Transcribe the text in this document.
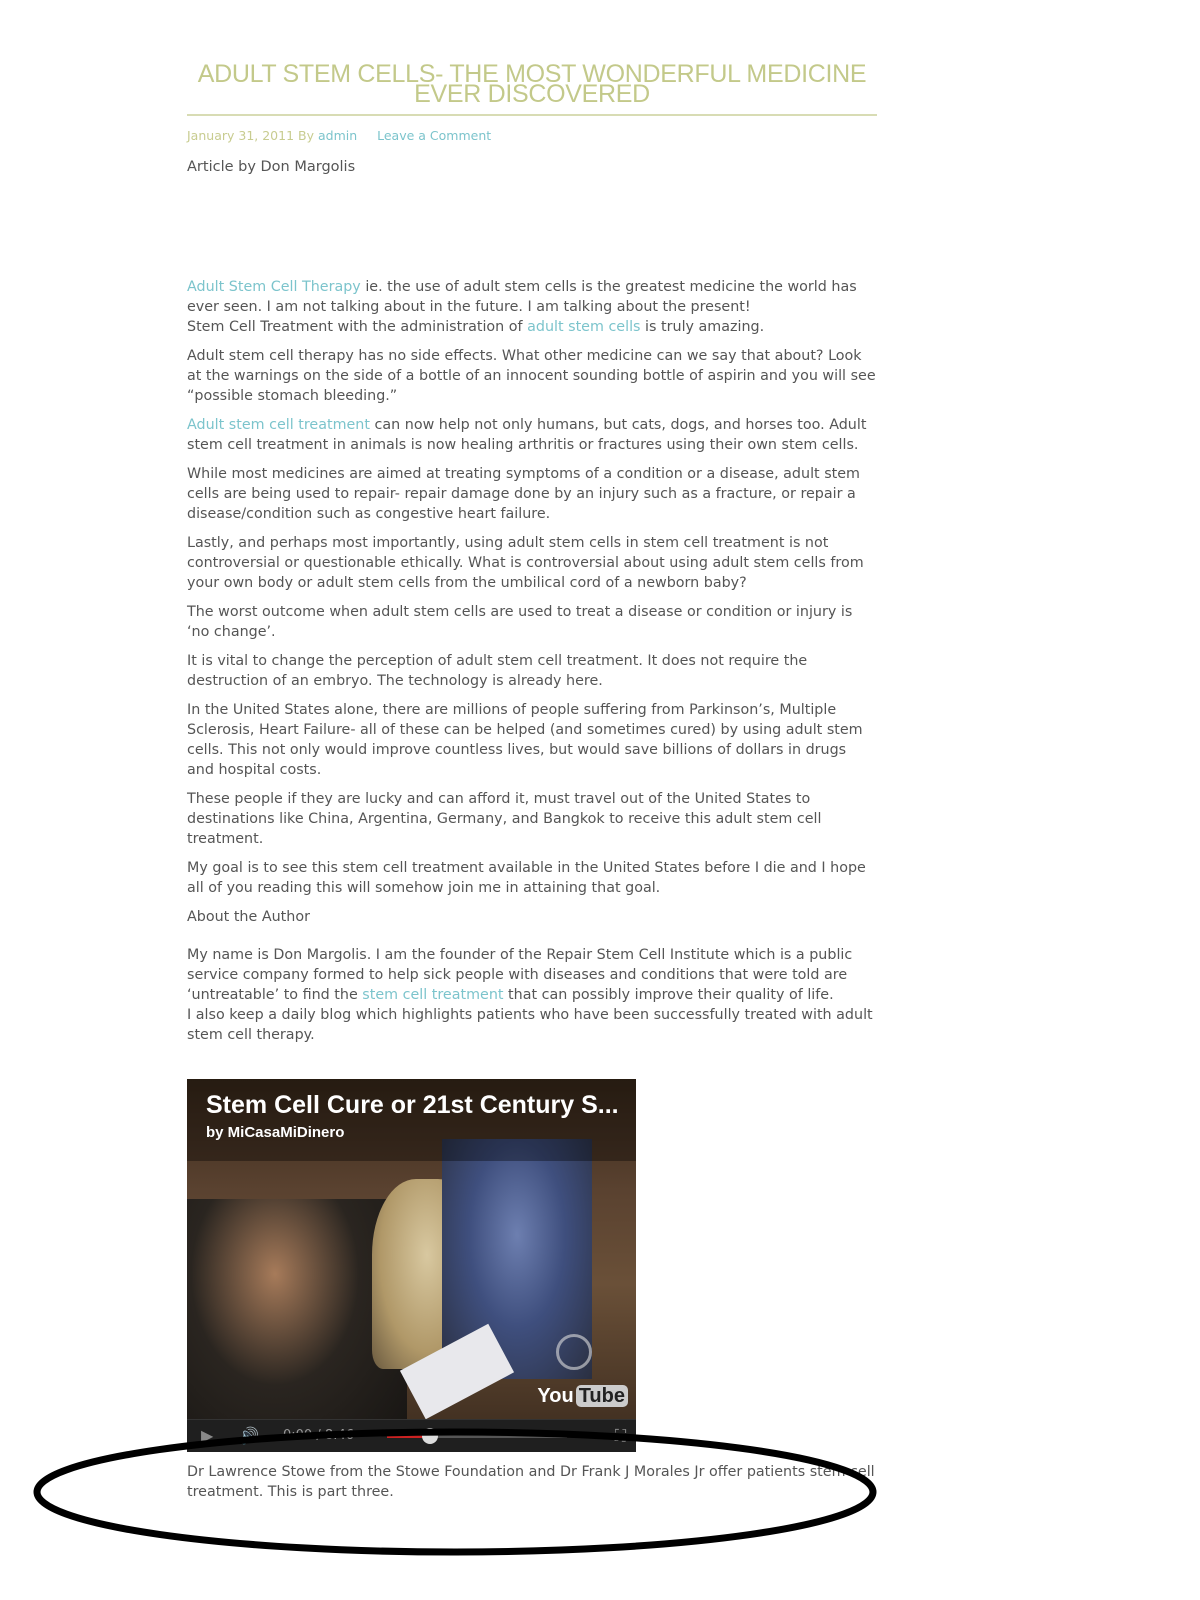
ADULT STEM CELLS- THE MOST WONDERFUL MEDICINE EVER DISCOVERED
January 31, 2011 By admin Leave a Comment
Article by Don Margolis

Adult Stem Cell Therapy ie. the use of adult stem cells is the greatest medicine the world has ever seen. I am not talking about in the future. I am talking about the present!
Stem Cell Treatment with the administration of adult stem cells is truly amazing.

Adult stem cell therapy has no side effects. What other medicine can we say that about? Look at the warnings on the side of a bottle of an innocent sounding bottle of aspirin and you will see “possible stomach bleeding.”

Adult stem cell treatment can now help not only humans, but cats, dogs, and horses too. Adult stem cell treatment in animals is now healing arthritis or fractures using their own stem cells.

While most medicines are aimed at treating symptoms of a condition or a disease, adult stem cells are being used to repair- repair damage done by an injury such as a fracture, or repair a disease/condition such as congestive heart failure.

Lastly, and perhaps most importantly, using adult stem cells in stem cell treatment is not controversial or questionable ethically. What is controversial about using adult stem cells from your own body or adult stem cells from the umbilical cord of a newborn baby?

The worst outcome when adult stem cells are used to treat a disease or condition or injury is ‘no change’.

It is vital to change the perception of adult stem cell treatment. It does not require the destruction of an embryo. The technology is already here.

In the United States alone, there are millions of people suffering from Parkinson’s, Multiple Sclerosis, Heart Failure- all of these can be helped (and sometimes cured) by using adult stem cells. This not only would improve countless lives, but would save billions of dollars in drugs and hospital costs.

These people if they are lucky and can afford it, must travel out of the United States to destinations like China, Argentina, Germany, and Bangkok to receive this adult stem cell treatment.

My goal is to see this stem cell treatment available in the United States before I die and I hope all of you reading this will somehow join me in attaining that goal.

About the Author

My name is Don Margolis. I am the founder of the Repair Stem Cell Institute which is a public service company formed to help sick people with diseases and conditions that were told are ‘untreatable’ to find the stem cell treatment that can possibly improve their quality of life.
I also keep a daily blog which highlights patients who have been successfully treated with adult stem cell therapy.

Stem Cell Cure or 21st Century S...
by MiCasaMiDinero
You Tube
▶ 🔊 0:00 / 8:46	⛶
Dr Lawrence Stowe from the Stowe Foundation and Dr Frank J Morales Jr offer patients stem cell treatment. This is part three.
